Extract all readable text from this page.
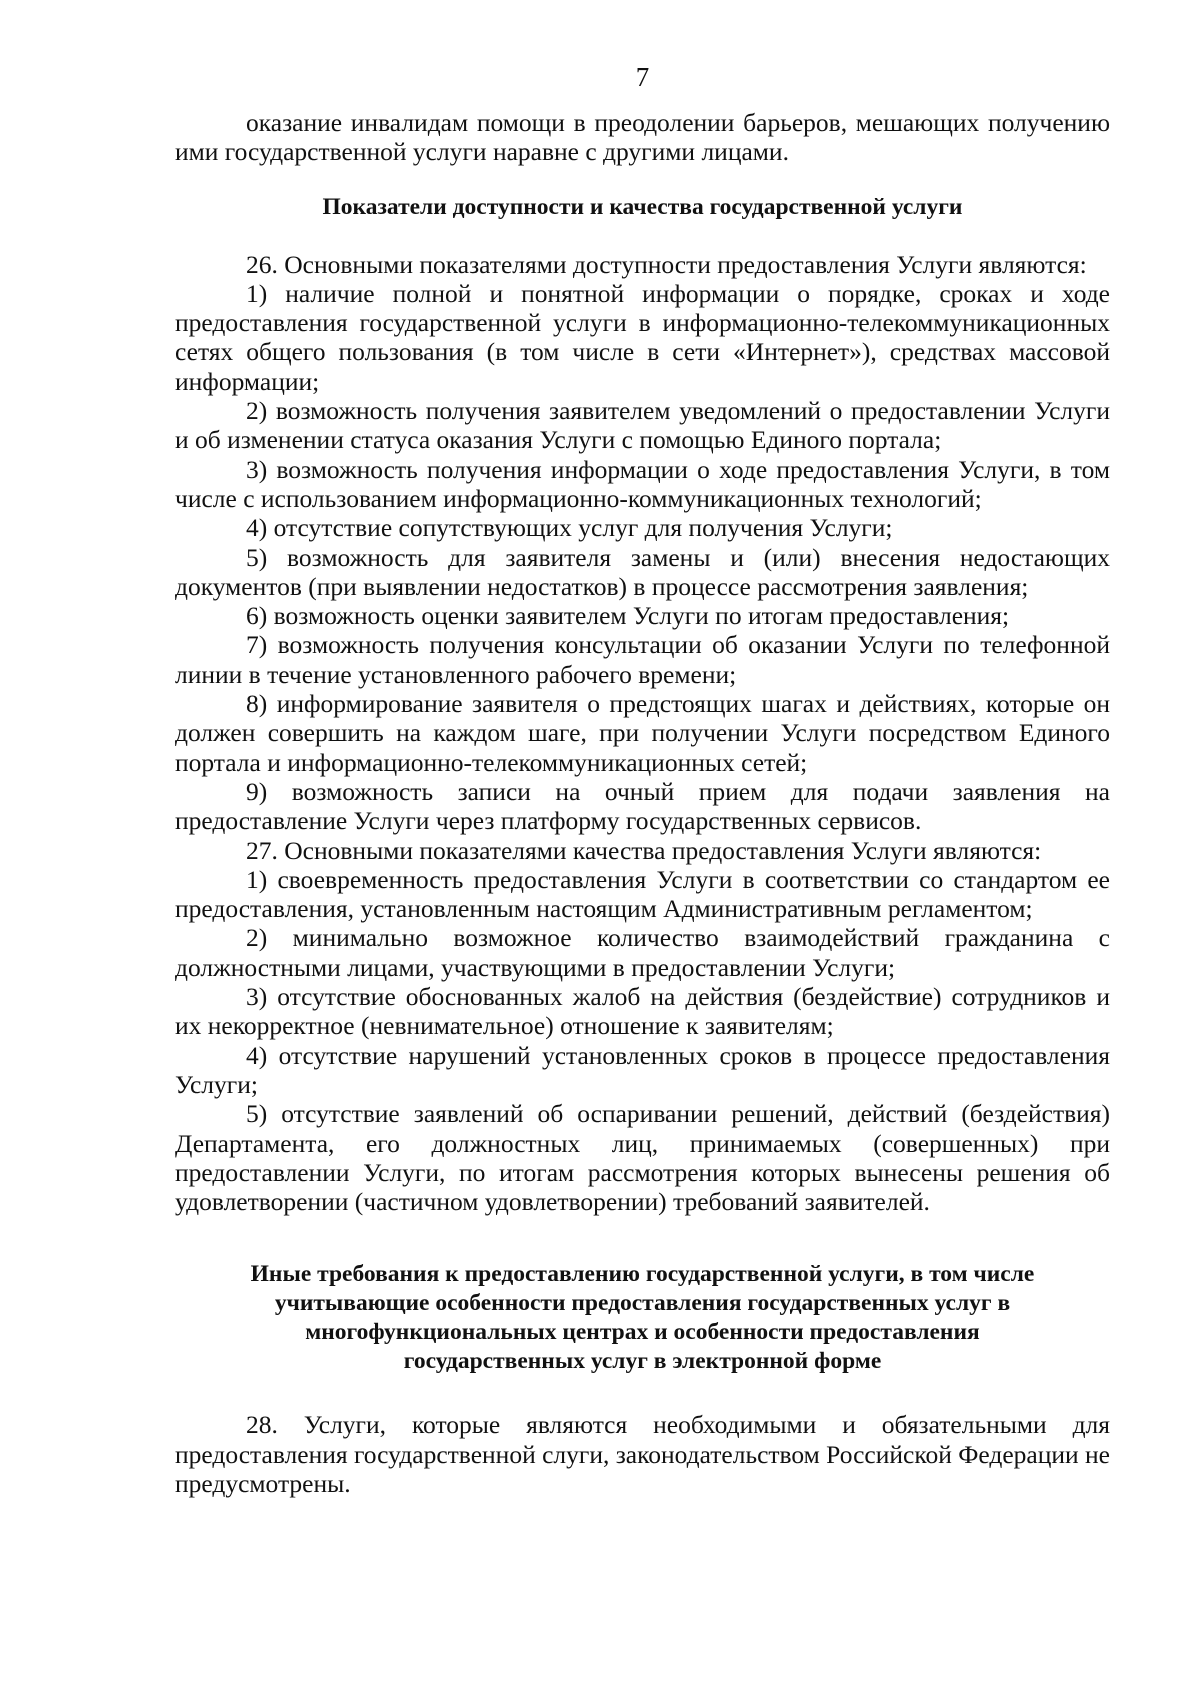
7

оказание инвалидам помощи в преодолении барьеров, мешающих получению ими государственной услуги наравне с другими лицами.

Показатели доступности и качества государственной услуги

26. Основными показателями доступности предоставления Услуги являются:

1) наличие полной и понятной информации о порядке, сроках и ходе предоставления государственной услуги в информационно-телекоммуникационных сетях общего пользования (в том числе в сети «Интернет»), средствах массовой информации;

2) возможность получения заявителем уведомлений о предоставлении Услуги и об изменении статуса оказания Услуги с помощью Единого портала;

3) возможность получения информации о ходе предоставления Услуги, в том числе с использованием информационно-коммуникационных технологий;

4) отсутствие сопутствующих услуг для получения Услуги;

5) возможность для заявителя замены и (или) внесения недостающих документов (при выявлении недостатков) в процессе рассмотрения заявления;

6) возможность оценки заявителем Услуги по итогам предоставления;

7) возможность получения консультации об оказании Услуги по телефонной линии в течение установленного рабочего времени;

8) информирование заявителя о предстоящих шагах и действиях, которые он должен совершить на каждом шаге, при получении Услуги посредством Единого портала и информационно-телекоммуникационных сетей;

9) возможность записи на очный прием для подачи заявления на предоставление Услуги через платформу государственных сервисов.

27. Основными показателями качества предоставления Услуги являются:

1) своевременность предоставления Услуги в соответствии со стандартом ее предоставления, установленным настоящим Административным регламентом;

2) минимально возможное количество взаимодействий гражданина с должностными лицами, участвующими в предоставлении Услуги;

3) отсутствие обоснованных жалоб на действия (бездействие) сотрудников и их некорректное (невнимательное) отношение к заявителям;

4) отсутствие нарушений установленных сроков в процессе предоставления Услуги;

5) отсутствие заявлений об оспаривании решений, действий (бездействия) Департамента, его должностных лиц, принимаемых (совершенных) при предоставлении Услуги, по итогам рассмотрения которых вынесены решения об удовлетворении (частичном удовлетворении) требований заявителей.

Иные требования к предоставлению государственной услуги, в том числе учитывающие особенности предоставления государственных услуг в многофункциональных центрах и особенности предоставления государственных услуг в электронной форме

28. Услуги, которые являются необходимыми и обязательными для предоставления государственной слуги, законодательством Российской Федерации не предусмотрены.
